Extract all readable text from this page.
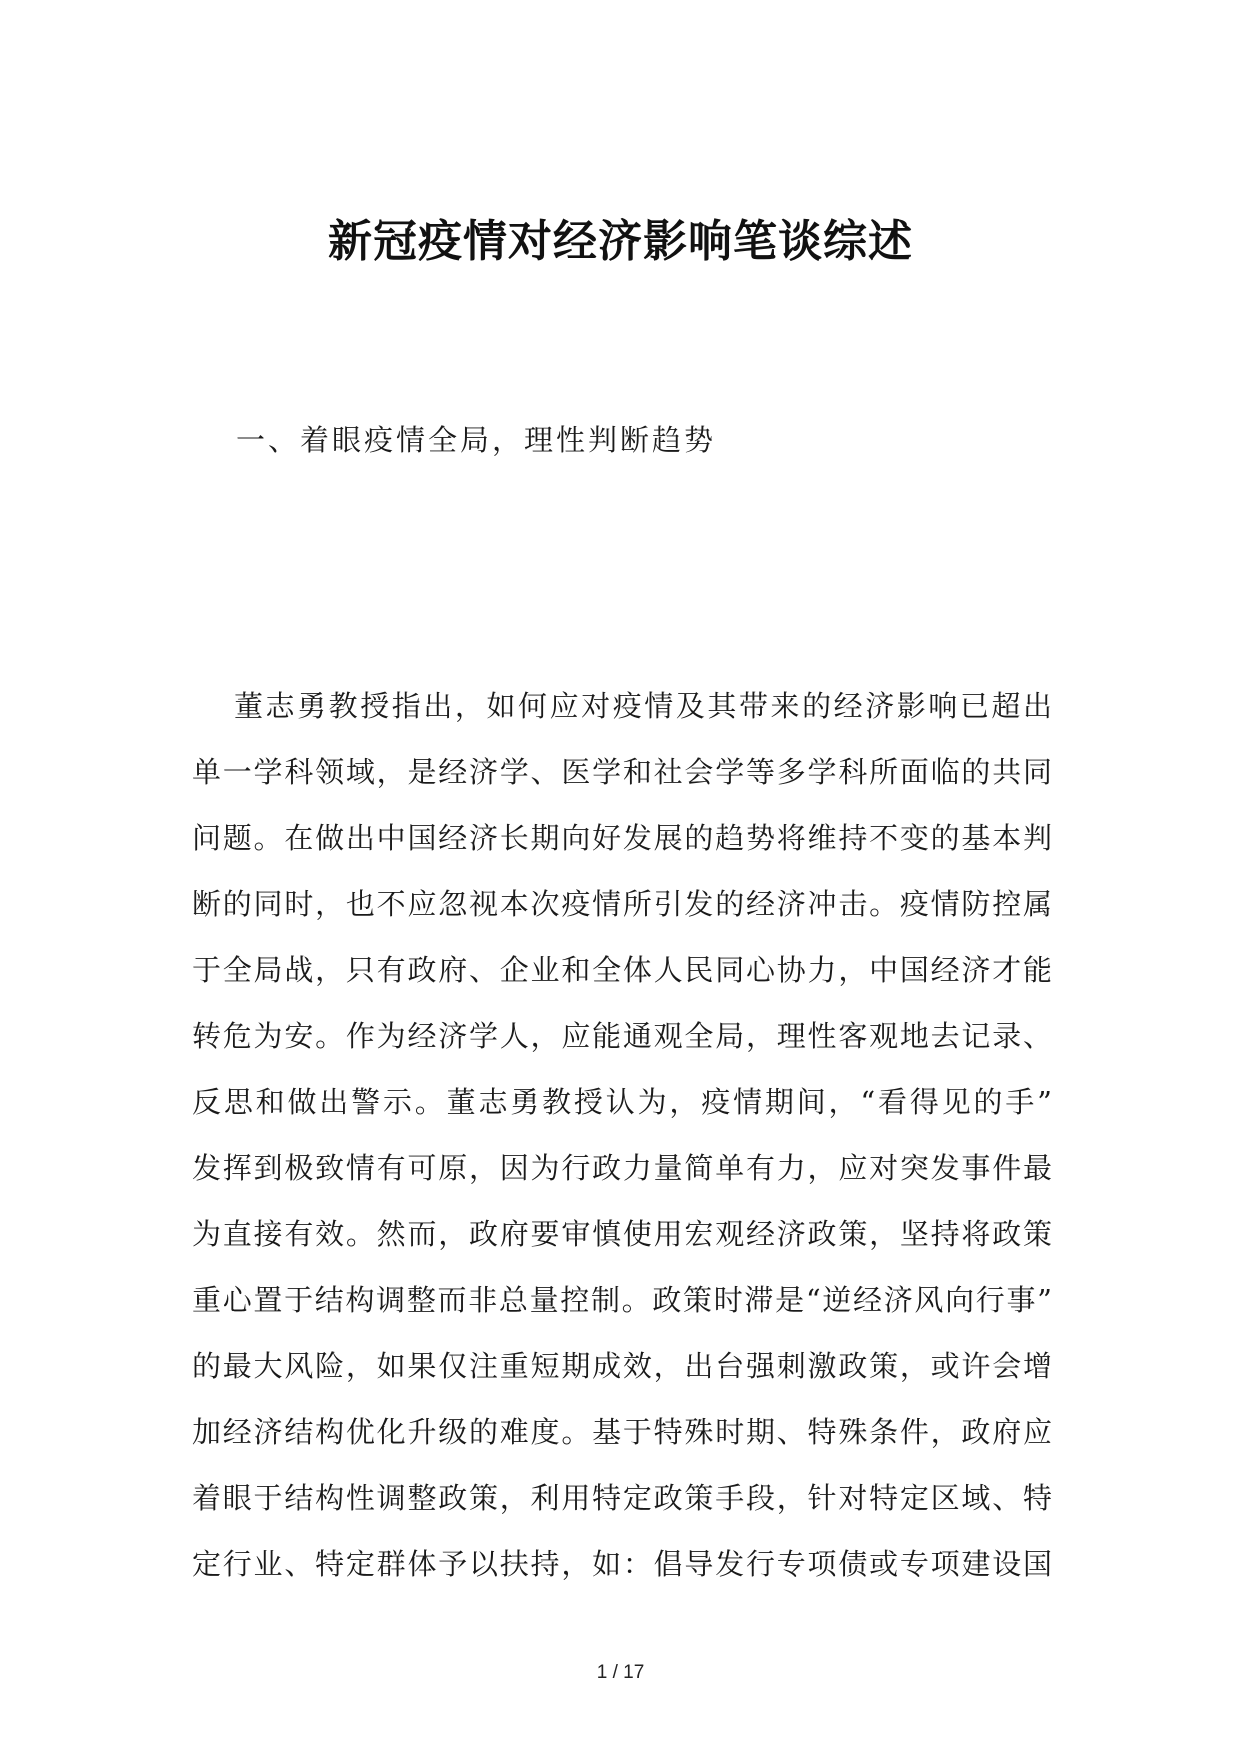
新冠疫情对经济影响笔谈综述

一、着眼疫情全局，理性判断趋势

董志勇教授指出，如何应对疫情及其带来的经济影响已超出
单一学科领域，是经济学、医学和社会学等多学科所面临的共同
问题。在做出中国经济长期向好发展的趋势将维持不变的基本判
断的同时，也不应忽视本次疫情所引发的经济冲击。疫情防控属
于全局战，只有政府、企业和全体人民同心协力，中国经济才能
转危为安。作为经济学人，应能通观全局，理性客观地去记录、
反思和做出警示。董志勇教授认为，疫情期间，“看得见的手”
发挥到极致情有可原，因为行政力量简单有力，应对突发事件最
为直接有效。然而，政府要审慎使用宏观经济政策，坚持将政策
重心置于结构调整而非总量控制。政策时滞是“逆经济风向行事”
的最大风险，如果仅注重短期成效，出台强刺激政策，或许会增
加经济结构优化升级的难度。基于特殊时期、特殊条件，政府应
着眼于结构性调整政策，利用特定政策手段，针对特定区域、特
定行业、特定群体予以扶持，如：倡导发行专项债或专项建设国
1 / 17
